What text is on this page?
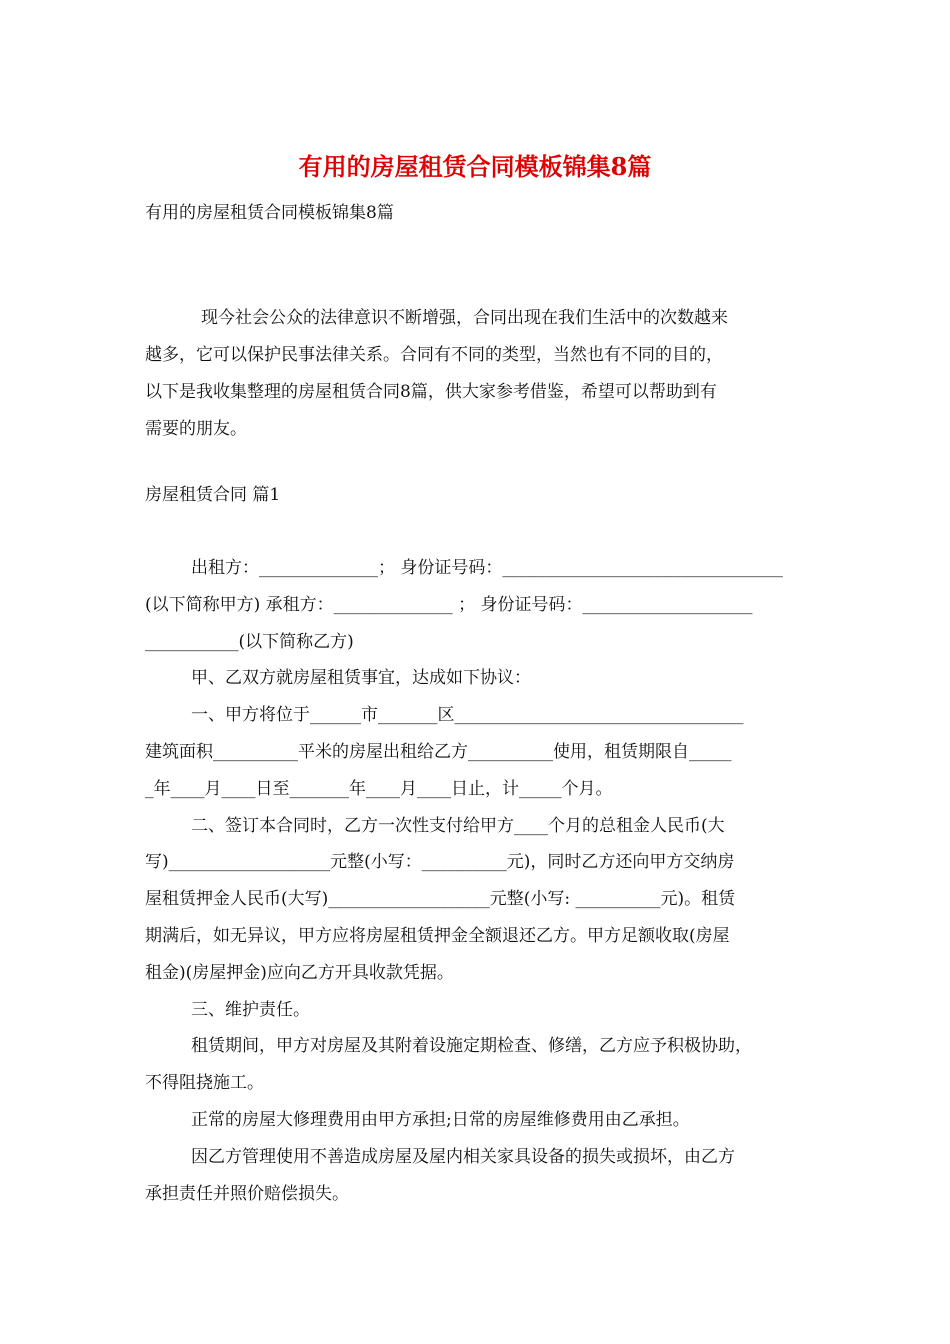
有用的房屋租赁合同模板锦集8篇

有用的房屋租赁合同模板锦集8篇

现今社会公众的法律意识不断增强，合同出现在我们生活中的次数越来
越多，它可以保护民事法律关系。合同有不同的类型，当然也有不同的目的，
以下是我收集整理的房屋租赁合同8篇，供大家参考借鉴，希望可以帮助到有
需要的朋友。

房屋租赁合同 篇1

出租方：______________； 身份证号码：_________________________________
(以下简称甲方) 承租方：______________ ； 身份证号码：____________________
___________(以下简称乙方)
甲、乙双方就房屋租赁事宜，达成如下协议：
一、甲方将位于______市_______区__________________________________
建筑面积__________平米的房屋出租给乙方__________使用，租赁期限自_____
_年____月____日至_______年____月____日止，计_____个月。
二、签订本合同时，乙方一次性支付给甲方____个月的总租金人民币(大
写)___________________元整(小写：__________元)，同时乙方还向甲方交纳房
屋租赁押金人民币(大写)___________________元整(小写: __________元)。租赁
期满后，如无异议，甲方应将房屋租赁押金全额退还乙方。甲方足额收取(房屋
租金)(房屋押金)应向乙方开具收款凭据。
三、维护责任。
租赁期间，甲方对房屋及其附着设施定期检查、修缮，乙方应予积极协助，
不得阻挠施工。
正常的房屋大修理费用由甲方承担;日常的房屋维修费用由乙承担。
因乙方管理使用不善造成房屋及屋内相关家具设备的损失或损坏，由乙方
承担责任并照价赔偿损失。
